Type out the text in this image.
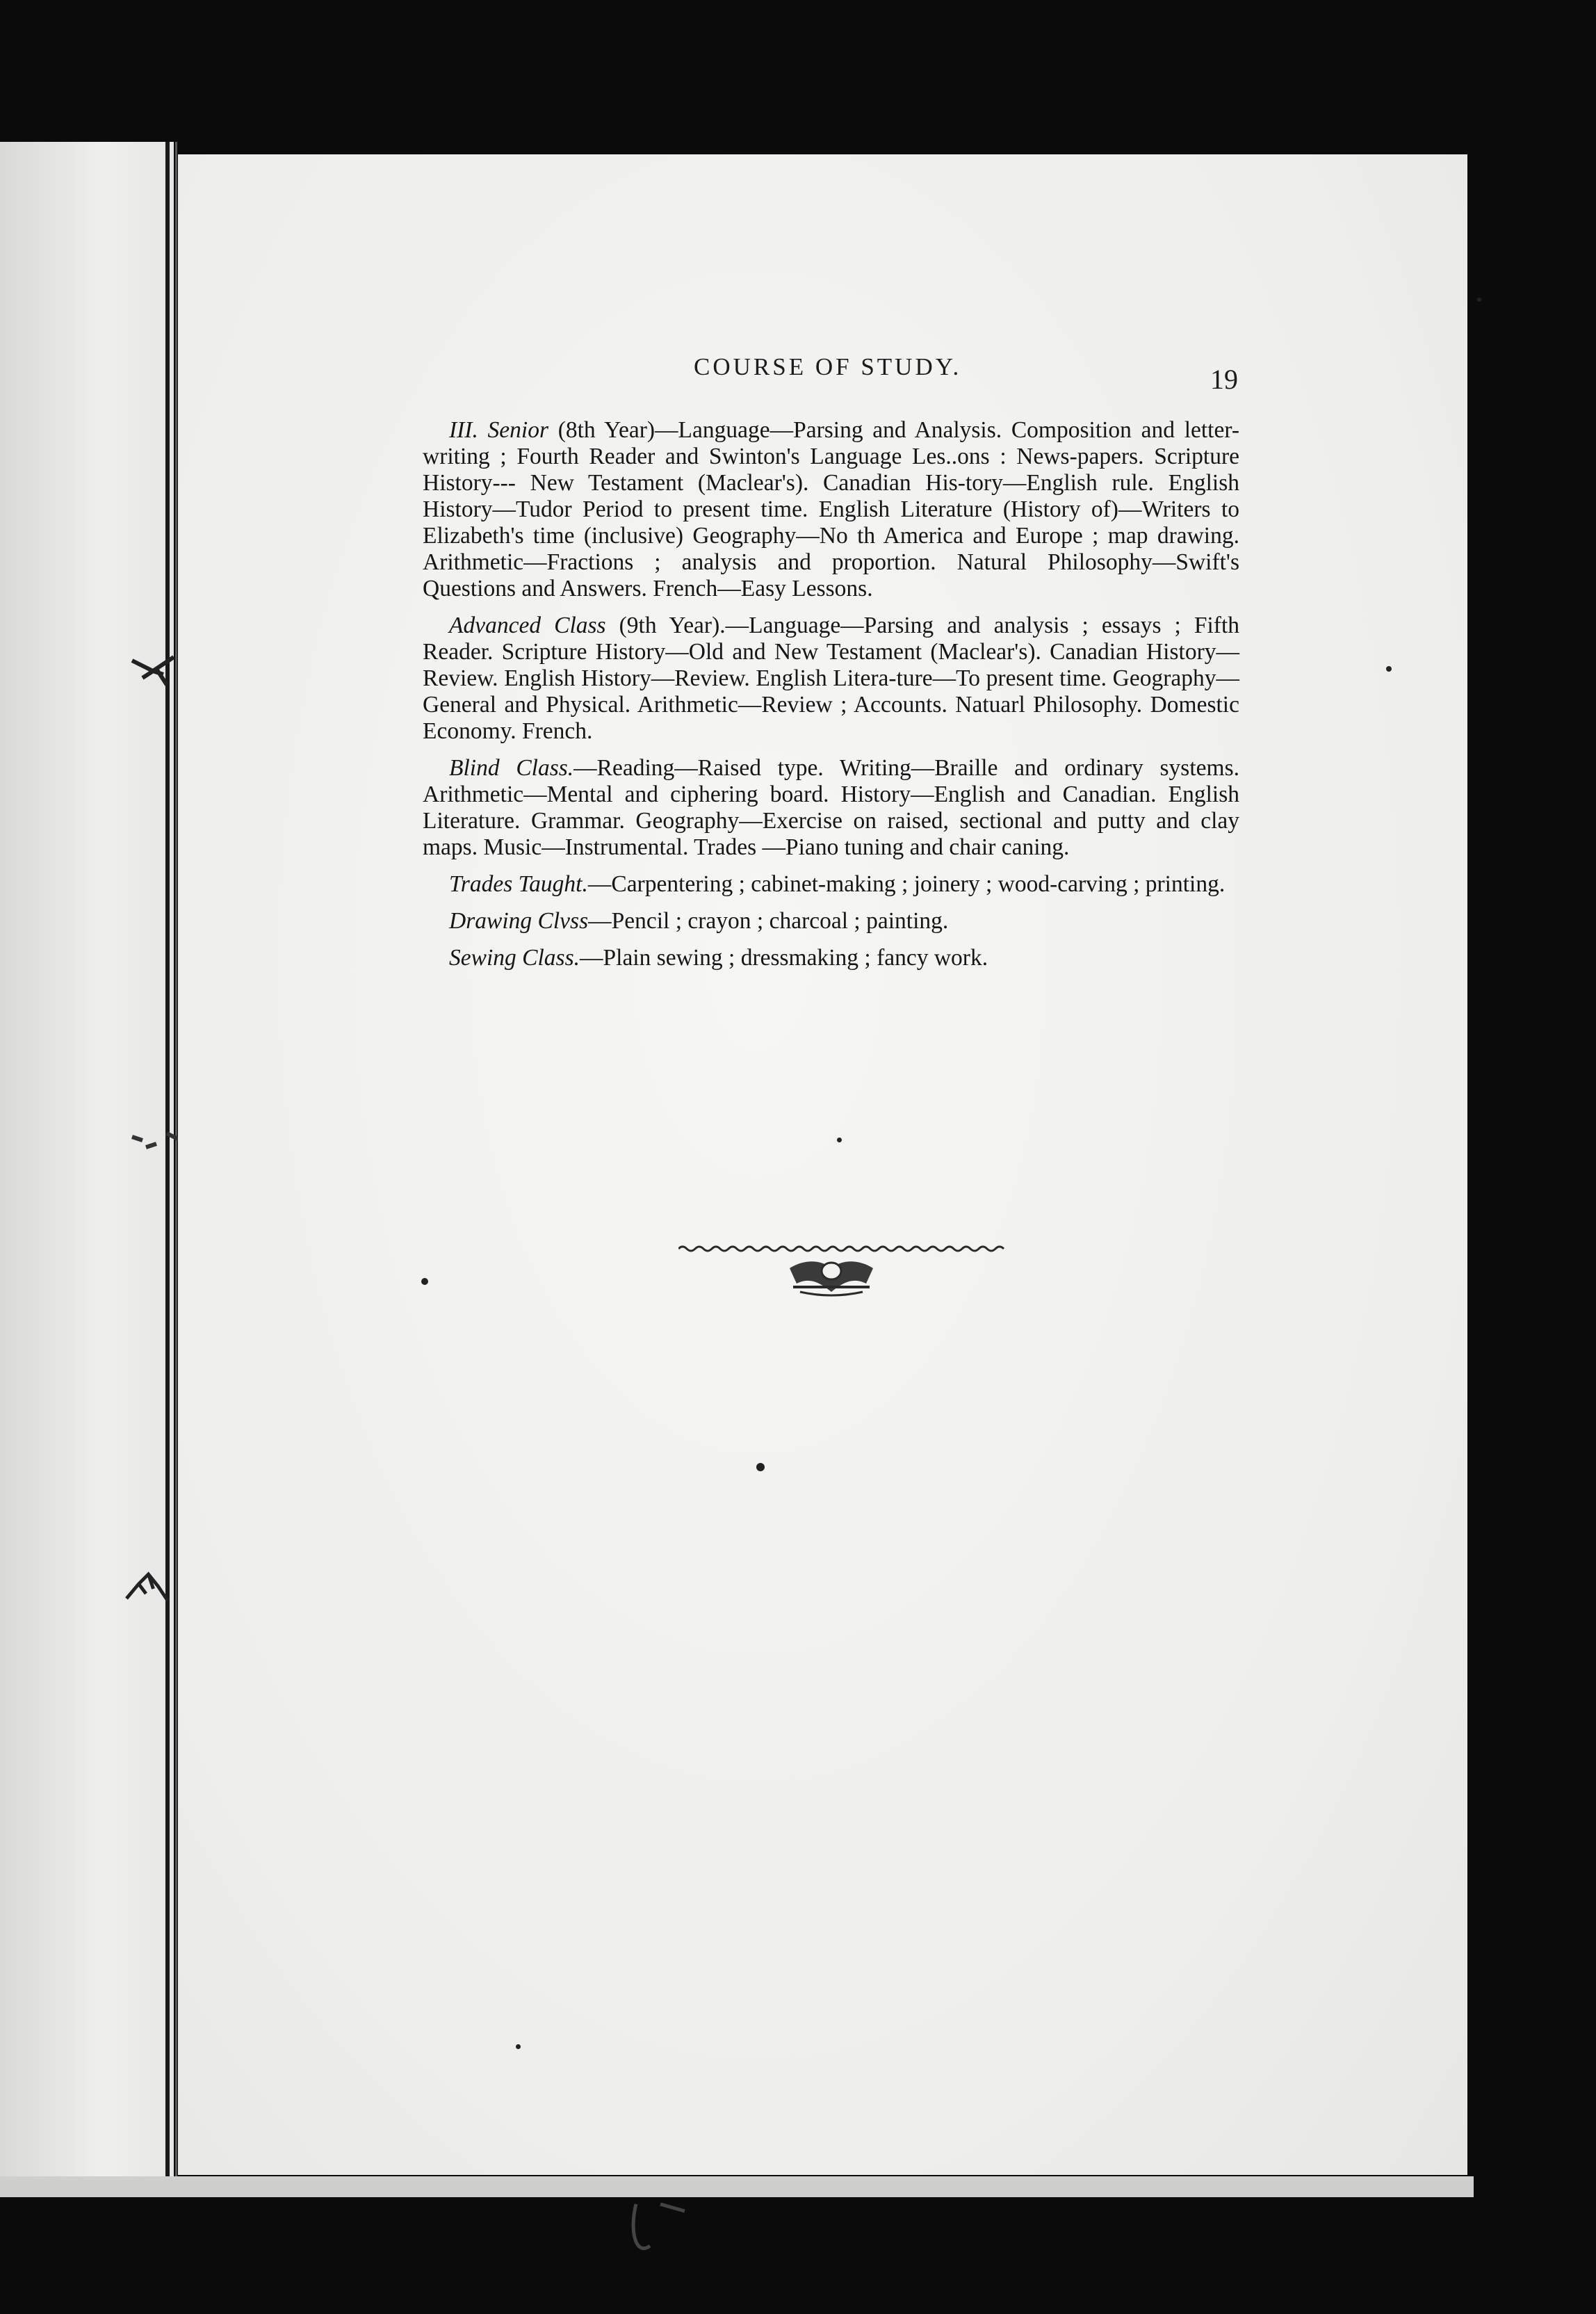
COURSE OF STUDY.	19

III. Senior (8th Year)—Language—Parsing and Analysis. Composition and letter-writing ; Fourth Reader and Swinton's Language Les..ons : News-papers. Scripture History--- New Testament (Maclear's). Canadian His-tory—English rule. English History—Tudor Period to present time. English Literature (History of)—Writers to Elizabeth's time (inclusive) Geography—No th America and Europe ; map drawing. Arithmetic—Fractions ; analysis and proportion. Natural Philosophy—Swift's Questions and Answers. French—Easy Lessons.

Advanced Class (9th Year).—Language—Parsing and analysis ; essays ; Fifth Reader. Scripture History—Old and New Testament (Maclear's). Canadian History—Review. English History—Review. English Litera-ture—To present time. Geography—General and Physical. Arithmetic—Review ; Accounts. Natuarl Philosophy. Domestic Economy. French.

Blind Class.—Reading—Raised type. Writing—Braille and ordinary systems. Arithmetic—Mental and ciphering board. History—English and Canadian. English Literature. Grammar. Geography—Exercise on raised, sectional and putty and clay maps. Music—Instrumental. Trades —Piano tuning and chair caning.

Trades Taught.—Carpentering ; cabinet-making ; joinery ; wood-carving ; printing.

Drawing Clvss—Pencil ; crayon ; charcoal ; painting.

Sewing Class.—Plain sewing ; dressmaking ; fancy work.
